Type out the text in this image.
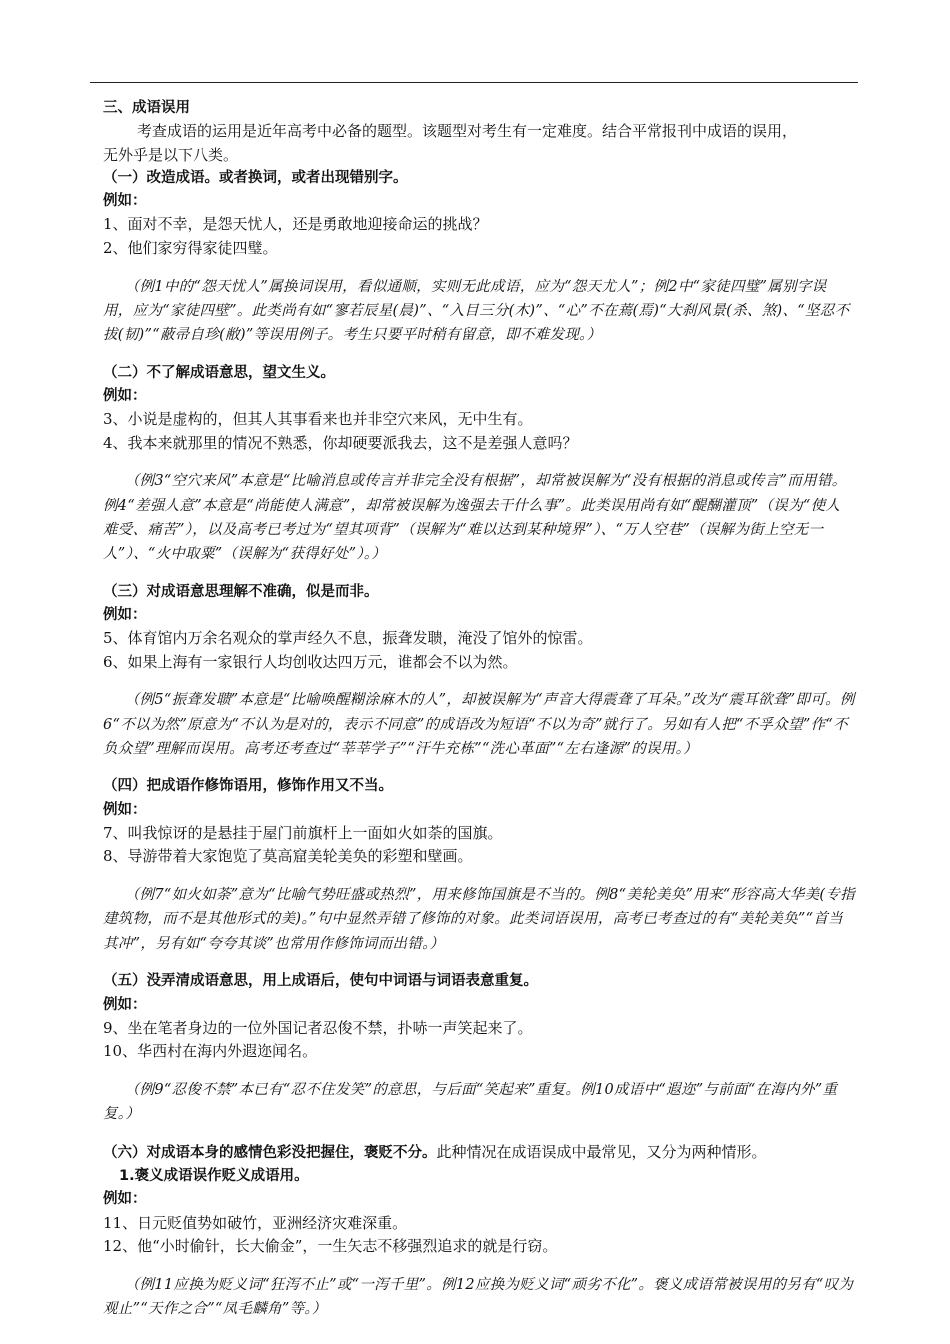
三、成语误用

考查成语的运用是近年高考中必备的题型。该题型对考生有一定难度。结合平常报刊中成语的误用，

无外乎是以下八类。

（一）改造成语。或者换词，或者出现错别字。

例如：

1、面对不幸，是怨天忧人，还是勇敢地迎接命运的挑战？

2、他们家穷得家徒四璧。

（例1中的“怨天忧人”属换词误用，看似通顺，实则无此成语，应为“怨天尤人”；例2中“家徒四璧”属别字误用，应为“家徒四壁”。此类尚有如“寥若辰星(晨)”、“入目三分(木)”、“心”不在蔫(焉)“大刹风景(杀、煞)、“坚忍不拔(韧)”“蔽帚自珍(敝)”等误用例子。考生只要平时稍有留意，即不难发现。）

（二）不了解成语意思，望文生义。

例如：

3、小说是虚构的，但其人其事看来也并非空穴来风，无中生有。

4、我本来就那里的情况不熟悉，你却硬要派我去，这不是差强人意吗？

（例3“空穴来风”本意是“比喻消息或传言并非完全没有根据”，却常被误解为“没有根据的消息或传言”而用错。例4“差强人意”本意是“尚能使人满意”，却常被误解为逸强去干什么事”。此类误用尚有如“醍醐灌顶”（误为“使人难受、痛苦”），以及高考已考过为“望其项背”（误解为“难以达到某种境界”）、“万人空巷”（误解为街上空无一人”）、“火中取粟”（误解为“获得好处”）。）

（三）对成语意思理解不准确，似是而非。

例如：

5、体育馆内万余名观众的掌声经久不息，振聋发聩，淹没了馆外的惊雷。

6、如果上海有一家银行人均创收达四万元，谁都会不以为然。

（例5“振聋发聩”本意是“比喻唤醒糊涂麻木的人”，却被误解为“声音大得震聋了耳朵。”改为“震耳欲聋”即可。例6“不以为然”原意为“不认为是对的，表示不同意”的成语改为短语“不以为奇”就行了。另如有人把“不孚众望”作“不负众望”理解而误用。高考还考查过“莘莘学子”“汗牛充栋”“洗心革面”“左右逢源”的误用。）

（四）把成语作修饰语用，修饰作用又不当。

例如：

7、叫我惊讶的是悬挂于屋门前旗杆上一面如火如荼的国旗。

8、导游带着大家饱览了莫高窟美轮美奂的彩塑和壁画。

（例7“如火如荼”意为“比喻气势旺盛或热烈”，用来修饰国旗是不当的。例8“美轮美奂”用来“形容高大华美(专指建筑物，而不是其他形式的美)。”句中显然弄错了修饰的对象。此类词语误用，高考已考查过的有“美轮美奂”“首当其冲”，另有如“夸夸其谈”也常用作修饰词而出错。）

（五）没弄清成语意思，用上成语后，使句中词语与词语表意重复。

例如：

9、坐在笔者身边的一位外国记者忍俊不禁，扑哧一声笑起来了。

10、华西村在海内外遐迩闻名。

（例9“忍俊不禁”本已有“忍不住发笑”的意思，与后面“笑起来”重复。例10成语中“遐迩”与前面“在海内外”重复。）

（六）对成语本身的感情色彩没把握住，褒贬不分。此种情况在成语误成中最常见，又分为两种情形。

1.褒义成语误作贬义成语用。

例如：

11、日元贬值势如破竹，亚洲经济灾难深重。

12、他“小时偷针，长大偷金”，一生矢志不移强烈追求的就是行窃。

（例11应换为贬义词“狂泻不止”或“一泻千里”。例12应换为贬义词“顽劣不化”。褒义成语常被误用的另有“叹为观止”“天作之合”“凤毛麟角”等。）
